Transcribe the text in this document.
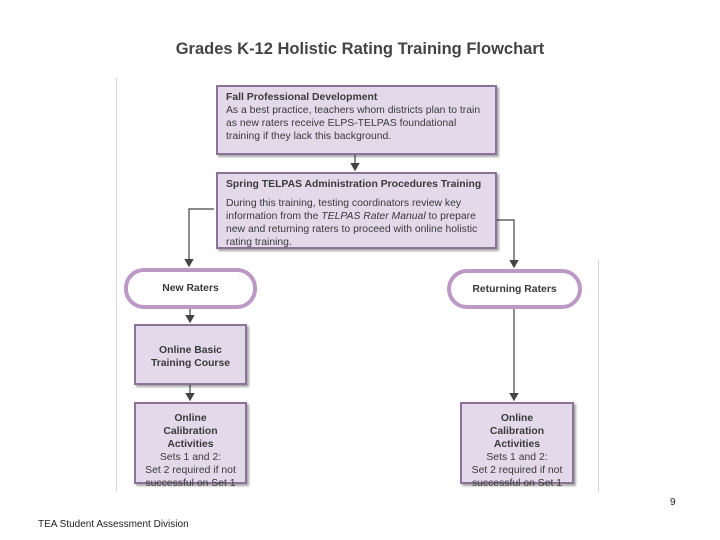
Grades K-12 Holistic Rating Training Flowchart
Fall Professional Development
As a best practice, teachers whom districts plan to train as new raters receive ELPS-TELPAS foundational training if they lack this background.
Spring TELPAS Administration Procedures Training
During this training, testing coordinators review key information from the TELPAS Rater Manual to prepare new and returning raters to proceed with online holistic rating training.
New Raters	Returning Raters
Online Basic Training Course
Online
Calibration Activities
Sets 1 and 2:
Set 2 required if not successful on Set 1
Online
Calibration Activities
Sets 1 and 2:
Set 2 required if not successful on Set 1
9
TEA Student Assessment Division
